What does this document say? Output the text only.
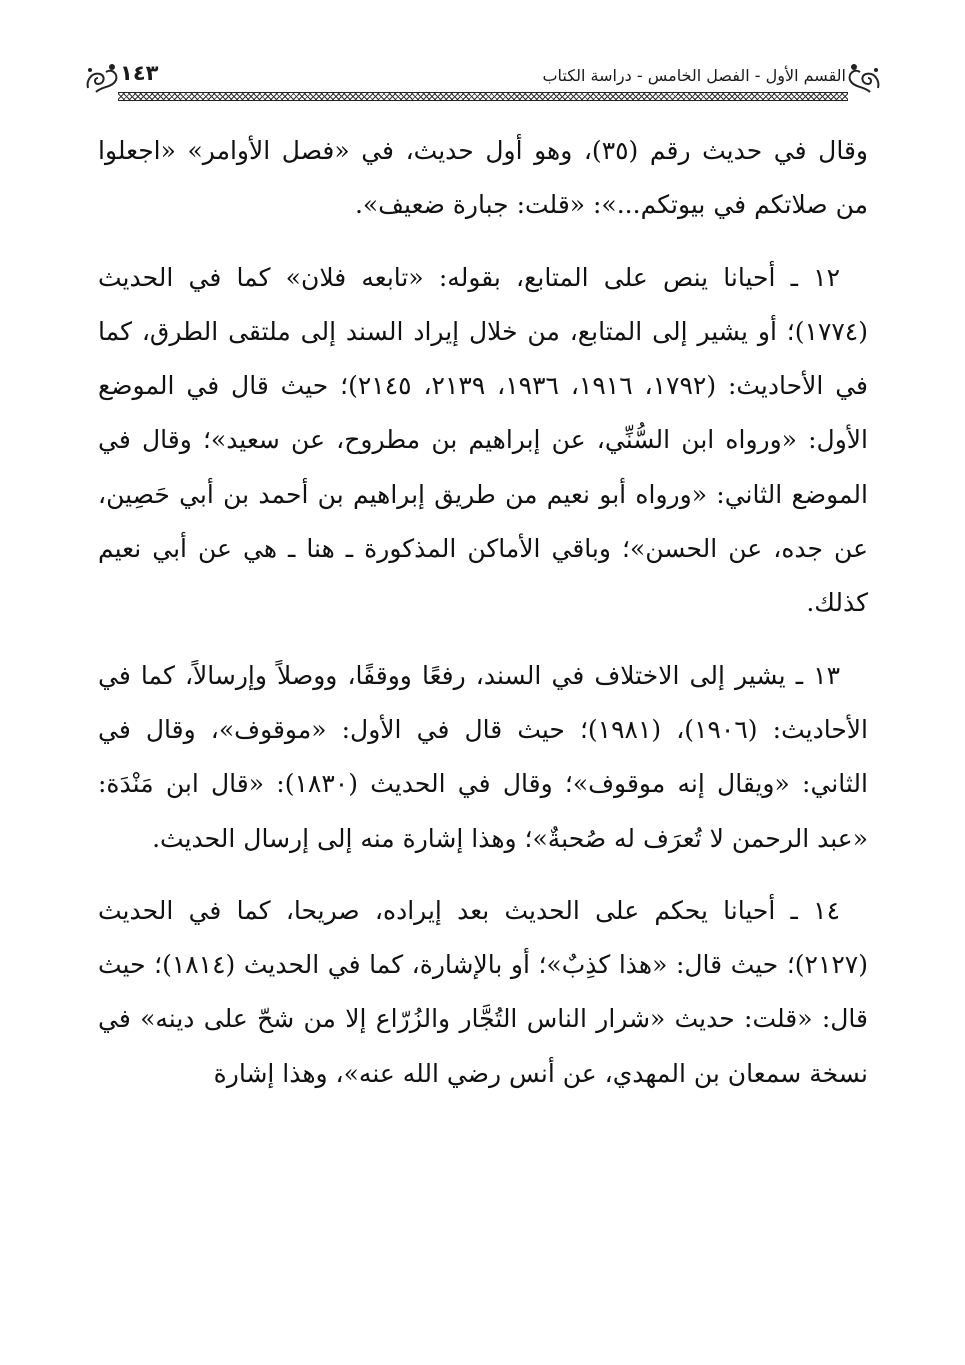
١٤٣	القسم الأول - الفصل الخامس - دراسة الكتاب

وقال في حديث رقم (٣٥)، وهو أول حديث، في «فصل الأوامر» «اجعلوا من صلاتكم في بيوتكم...»: «قلت: جبارة ضعيف».

١٢ ـ أحيانا ينص على المتابع، بقوله: «تابعه فلان» كما في الحديث (١٧٧٤)؛ أو يشير إلى المتابع، من خلال إيراد السند إلى ملتقى الطرق، كما في الأحاديث: (١٧٩٢، ١٩١٦، ١٩٣٦، ٢١٣٩، ٢١٤٥)؛ حيث قال في الموضع الأول: «ورواه ابن السُّنِّي، عن إبراهيم بن مطروح، عن سعيد»؛ وقال في الموضع الثاني: «ورواه أبو نعيم من طريق إبراهيم بن أحمد بن أبي حَصِين، عن جده، عن الحسن»؛ وباقي الأماكن المذكورة ـ هنا ـ هي عن أبي نعيم كذلك.

١٣ ـ يشير إلى الاختلاف في السند، رفعًا ووقفًا، ووصلاً وإرسالاً، كما في الأحاديث: (١٩٠٦)، (١٩٨١)؛ حيث قال في الأول: «موقوف»، وقال في الثاني: «ويقال إنه موقوف»؛ وقال في الحديث (١٨٣٠): «قال ابن مَنْدَة: «عبد الرحمن لا تُعرَف له صُحبةٌ»؛ وهذا إشارة منه إلى إرسال الحديث.

١٤ ـ أحيانا يحكم على الحديث بعد إيراده، صريحا، كما في الحديث (٢١٢٧)؛ حيث قال: «هذا كذِبٌ»؛ أو بالإشارة، كما في الحديث (١٨١٤)؛ حيث قال: «قلت: حديث «شرار الناس التُجَّار والزُرّاع إلا من شحّ على دينه» في نسخة سمعان بن المهدي، عن أنس رضي الله عنه»، وهذا إشارة
